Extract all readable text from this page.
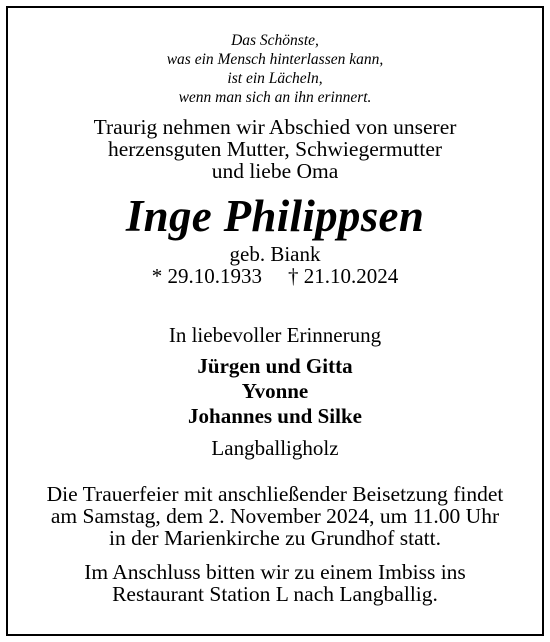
Das Schönste,
was ein Mensch hinterlassen kann,
ist ein Lächeln,
wenn man sich an ihn erinnert.
Traurig nehmen wir Abschied von unserer
herzensguten Mutter, Schwiegermutter
und liebe Oma
Inge Philippsen
geb. Biank
* 29.10.1933 † 21.10.2024
In liebevoller Erinnerung
Jürgen und Gitta
Yvonne
Johannes und Silke
Langballigholz
Die Trauerfeier mit anschließender Beisetzung findet
am Samstag, dem 2. November 2024, um 11.00 Uhr
in der Marienkirche zu Grundhof statt.
Im Anschluss bitten wir zu einem Imbiss ins
Restaurant Station L nach Langballig.
